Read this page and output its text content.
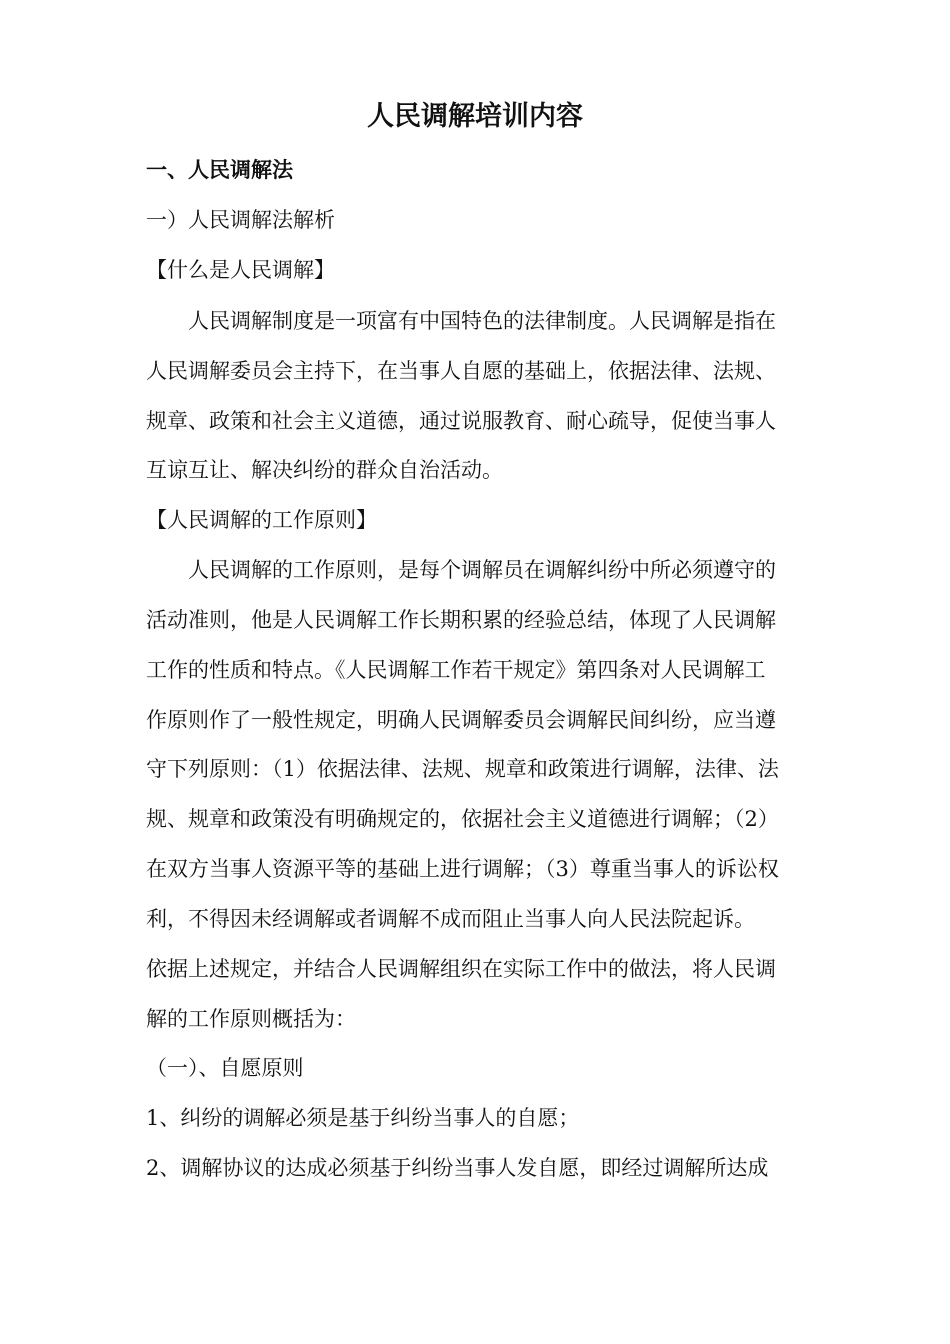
人民调解培训内容

一、人民调解法

一）人民调解法解析

【什么是人民调解】

人民调解制度是一项富有中国特色的法律制度。人民调解是指在

人民调解委员会主持下，在当事人自愿的基础上，依据法律、法规、

规章、政策和社会主义道德，通过说服教育、耐心疏导，促使当事人

互谅互让、解决纠纷的群众自治活动。

【人民调解的工作原则】

人民调解的工作原则，是每个调解员在调解纠纷中所必须遵守的

活动准则，他是人民调解工作长期积累的经验总结，体现了人民调解

工作的性质和特点。《人民调解工作若干规定》第四条对人民调解工

作原则作了一般性规定，明确人民调解委员会调解民间纠纷，应当遵

守下列原则：（1）依据法律、法规、规章和政策进行调解，法律、法

规、规章和政策没有明确规定的，依据社会主义道德进行调解；（2）

在双方当事人资源平等的基础上进行调解；（3）尊重当事人的诉讼权

利，不得因未经调解或者调解不成而阻止当事人向人民法院起诉。

依据上述规定，并结合人民调解组织在实际工作中的做法，将人民调

解的工作原则概括为：

（一）、自愿原则

1、纠纷的调解必须是基于纠纷当事人的自愿；

2、调解协议的达成必须基于纠纷当事人发自愿，即经过调解所达成
